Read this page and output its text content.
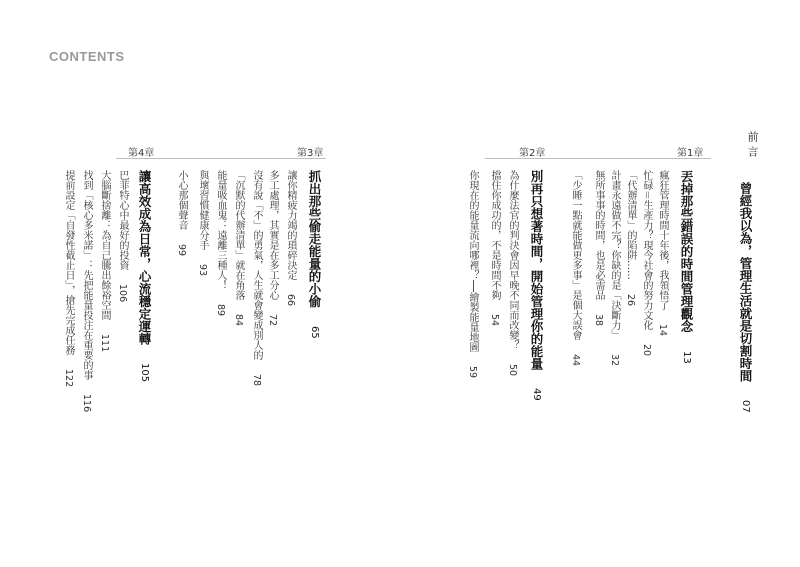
CONTENTS
前言
曾經我以為，管理生活就是切割時間07
第1章
第2章
第3章
第4章
丟掉那些錯誤的時間管理觀念13
瘋狂管理時間十年後，我領悟了14
忙碌＝生產力？現今社會的努力文化20
「代辦清單」的陷阱……26
計畫永遠做不完？你缺的是「決斷力」32
無所事事的時間，也是必需品38
「少睡一點就能做更多事」是個大誤會44
別再只想著時間，開始管理你的能量49
為什麼法官的判決會因早晚不同而改變？50
擋住你成功的，不是時間不夠54
你現在的能量流向哪裡？──繪製能量地圖59
抓出那些偷走能量的小偷65
讓你精疲力竭的瑣碎決定66
多工處理，其實是在多工分心72
沒有說「不」的勇氣，人生就會變成別人的78
「沉默的代辦清單」就在角落84
能量吸血鬼：遠離三種人！89
與壞習慣健康分手93
小心那個聲音99
讓高效成為日常，心流穩定運轉105
巴菲特心中最好的投資106
大腦斷捨離：為自己騰出餘裕空間111
找到「核心多米諾」：先把能量投注在重要的事116
提前設定「自發性截止日」，搶先完成任務122
